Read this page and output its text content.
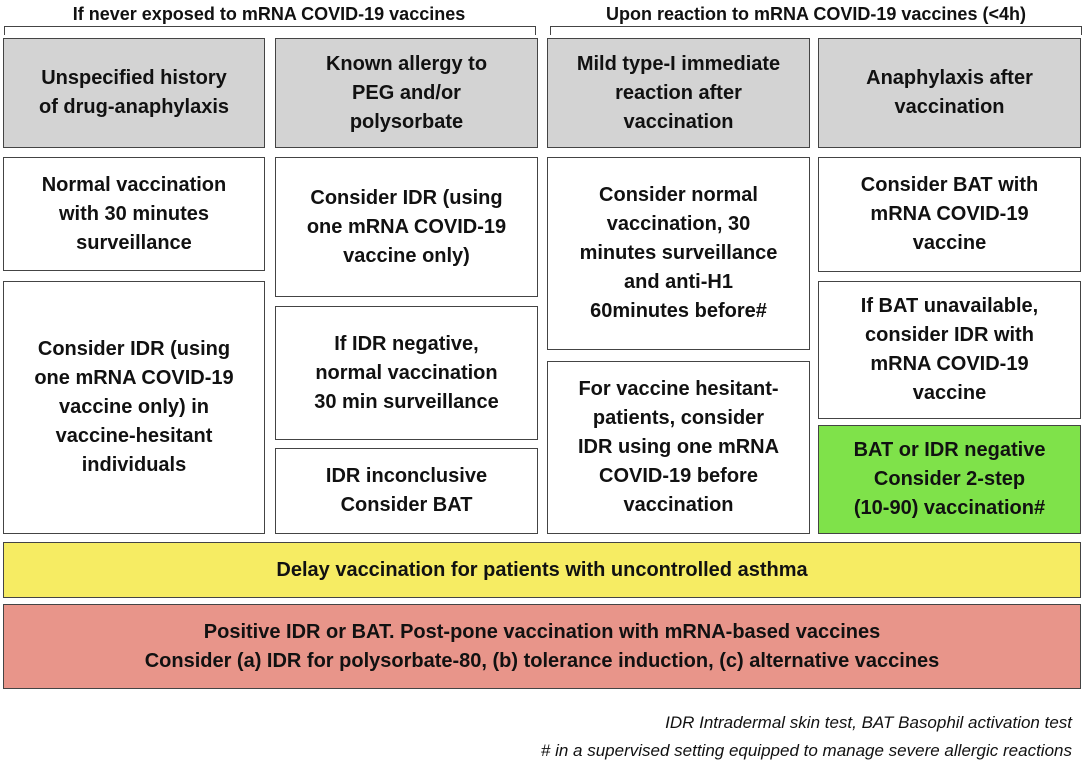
If never exposed to mRNA COVID-19 vaccines	Upon reaction to mRNA COVID-19 vaccines (<4h)
Unspecified history
of drug-anaphylaxis
Known allergy to
PEG and/or
polysorbate
Mild type-I immediate
reaction after
vaccination
Anaphylaxis after
vaccination
Normal vaccination
with 30 minutes
surveillance
Consider IDR (using
one mRNA COVID-19
vaccine only) in
vaccine-hesitant
individuals
Consider IDR (using
one mRNA COVID-19
vaccine only)
If IDR negative,
normal vaccination
30 min surveillance
IDR inconclusive
Consider BAT
Consider normal
vaccination, 30
minutes surveillance
and anti-H1
60minutes before#
For vaccine hesitant-
patients, consider
IDR using one mRNA
COVID-19 before
vaccination
Consider BAT with
mRNA COVID-19
vaccine
If BAT unavailable,
consider IDR with
mRNA COVID-19
vaccine
BAT or IDR negative
Consider 2-step
(10-90) vaccination#
Delay vaccination for patients with uncontrolled asthma
Positive IDR or BAT. Post-pone vaccination with mRNA-based vaccines
Consider (a) IDR for polysorbate-80, (b) tolerance induction, (c) alternative vaccines
IDR Intradermal skin test, BAT Basophil activation test
# in a supervised setting equipped to manage severe allergic reactions
